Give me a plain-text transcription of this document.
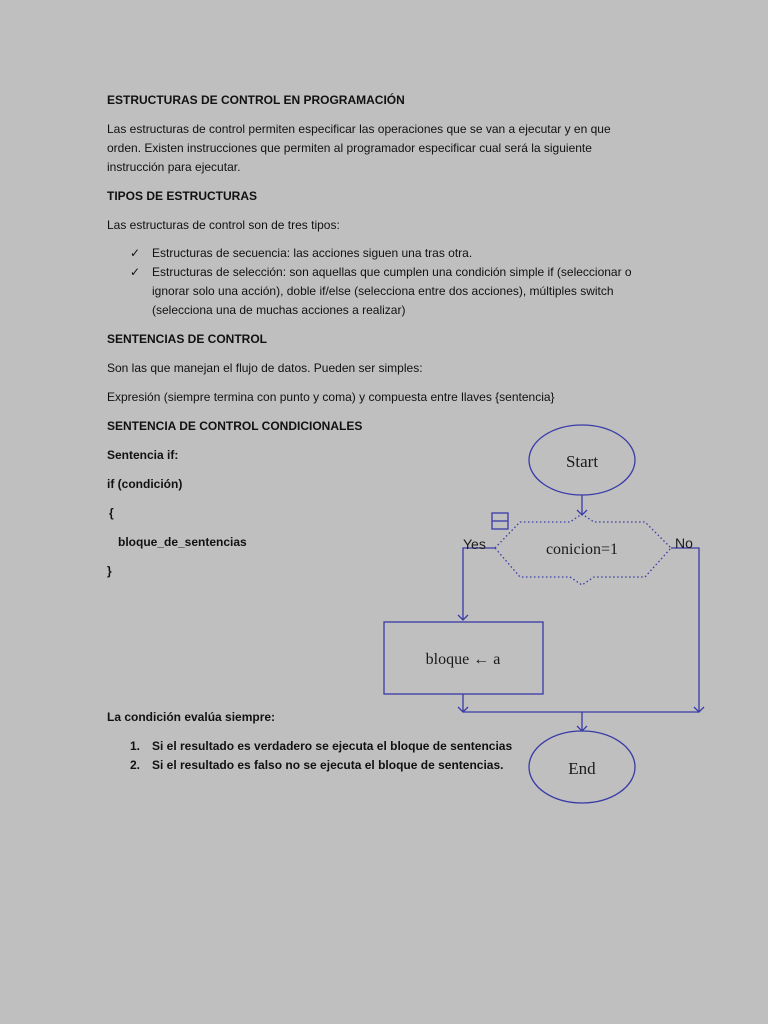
ESTRUCTURAS DE CONTROL EN PROGRAMACIÓN
Las estructuras de control permiten especificar las operaciones que se van a ejecutar y en que
orden. Existen instrucciones que permiten al programador especificar cual será la siguiente
instrucción para ejecutar.
TIPOS DE ESTRUCTURAS
Las estructuras de control son de tres tipos:
✓ Estructuras de secuencia: las acciones siguen una tras otra.
✓ Estructuras de selección: son aquellas que cumplen una condición simple if (seleccionar o
ignorar solo una acción), doble if/else (selecciona entre dos acciones), múltiples switch
(selecciona una de muchas acciones a realizar)
SENTENCIAS DE CONTROL
Son las que manejan el flujo de datos. Pueden ser simples:
Expresión (siempre termina con punto y coma) y compuesta entre llaves {sentencia}
SENTENCIA DE CONTROL CONDICIONALES
Sentencia if:
if (condición)
{
bloque_de_sentencias
}
La condición evalúa siempre:
1. Si el resultado es verdadero se ejecuta el bloque de sentencias
2. Si el resultado es falso no se ejecuta el bloque de sentencias.
Start
conicion=1
Yes	No
bloque ← a
End
